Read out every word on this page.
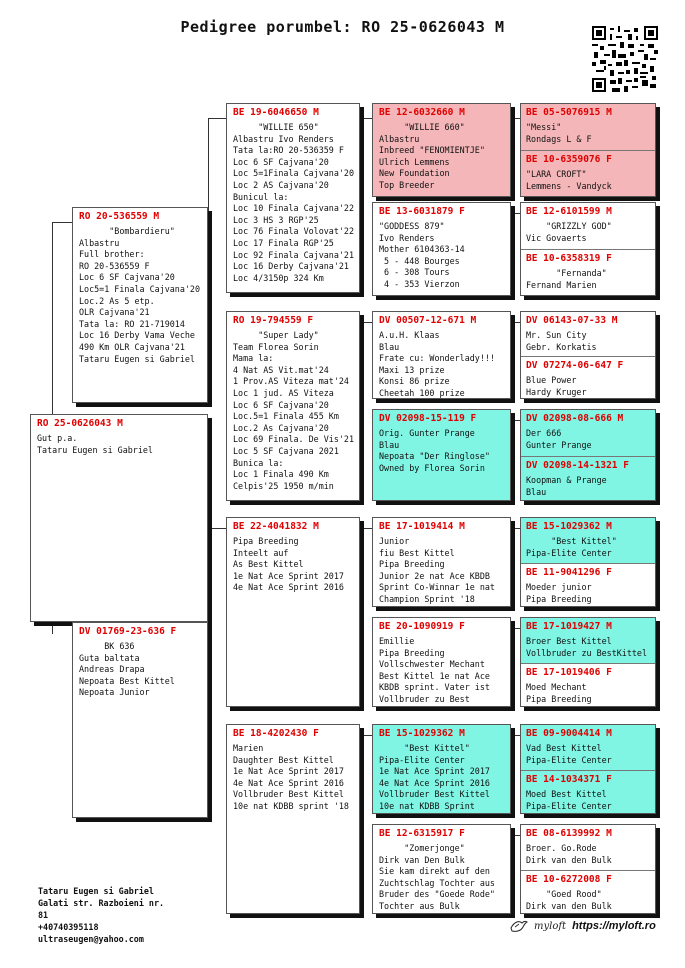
Pedigree porumbel: RO 25-0626043 M
RO 25-0626043 M
Gut p.a.
Tataru Eugen si Gabriel
RO 20-536559 M
"Bombardieru"
Albastru
Full brother:
RO 20-536559 F
Loc 6 SF Cajvana'20
Loc5=1 Finala Cajvana'20
Loc.2 As 5 etp.
OLR Cajvana'21
Tata la: RO 21-719014
Loc 16 Derby Vama Veche
490 Km OLR Cajvana'21
Tataru Eugen si Gabriel
DV 01769-23-636 F
BK 636
Guta baltata
Andreas Drapa
Nepoata Best Kittel
Nepoata Junior
BE 19-6046650 M
"WILLIE 650"
Albastru Ivo Renders
Tata la:RO 20-536359 F
Loc 6 SF Cajvana'20
Loc 5=1Finala Cajvana'20
Loc 2 AS Cajvana'20
Bunicul la:
Loc 10 Finala Cajvana'22
Loc 3 HS 3 RGP'25
Loc 76 Finala Volovat'22
Loc 17 Finala RGP'25
Loc 92 Finala Cajvana'21
Loc 16 Derby Cajvana'21
Loc 4/3150p 324 Km
RO 19-794559 F
"Super Lady"
Team Florea Sorin
Mama la:
4 Nat AS Vit.mat'24
1 Prov.AS Viteza mat'24
Loc 1 jud. AS Viteza
Loc 6 SF Cajvana'20
Loc.5=1 Finala 455 Km
Loc.2 As Cajvana'20
Loc 69 Finala. De Vis'21
Loc 5 SF Cajvana 2021
Bunica la:
Loc 1 Finala 490 Km
Celpis'25 1950 m/min
BE 22-4041832 M
Pipa Breeding
Inteelt auf
As Best Kittel
1e Nat Ace Sprint 2017
4e Nat Ace Sprint 2016
BE 18-4202430 F
Marien
Daughter Best Kittel
1e Nat Ace Sprint 2017
4e Nat Ace Sprint 2016
Vollbruder Best Kittel
10e nat KDBB sprint '18
BE 12-6032660 M
"WILLIE 660"
Albastru
Inbreed "FENOMIENTJE"
Ulrich Lemmens
New Foundation
Top Breeder
BE 13-6031879 F
"GODDESS 879"
Ivo Renders
Mother 6104363-14
5 - 448 Bourges
6 - 308 Tours
4 - 353 Vierzon
DV 00507-12-671 M
A.u.H. Klaas
Blau
Frate cu: Wonderlady!!!
Maxi 13 prize
Konsi 86 prize
Cheetah 100 prize
DV 02098-15-119 F
Orig. Gunter Prange
Blau
Nepoata "Der Ringlose"
Owned by Florea Sorin
BE 17-1019414 M
Junior
fiu Best Kittel
Pipa Breeding
Junior 2e nat Ace KBDB
Sprint Co-Winnar 1e nat
Champion Sprint '18
BE 20-1090919 F
Emillie
Pipa Breeding
Vollschwester Mechant
Best Kittel 1e nat Ace
KBDB sprint. Vater ist
Vollbruder zu Best
BE 15-1029362 M
"Best Kittel"
Pipa-Elite Center
1e Nat Ace Sprint 2017
4e Nat Ace Sprint 2016
Vollbruder Best Kittel
10e nat KDBB Sprint
BE 12-6315917 F
"Zomerjonge"
Dirk van Den Bulk
Sie kam direkt auf den
Zuchtschlag Tochter aus
Bruder des "Goede Rode"
Tochter aus Bulk
BE 05-5076915 M
"Messi"
Rondags L & F
BE 10-6359076 F
"LARA CROFT"
Lemmens - Vandyck
BE 12-6101599 M
"GRIZZLY GOD"
Vic Govaerts
BE 10-6358319 F
"Fernanda"
Fernand Marien
DV 06143-07-33 M
Mr. Sun City
Gebr. Korkatis
DV 07274-06-647 F
Blue Power
Hardy Kruger
DV 02098-08-666 M
Der 666
Gunter Prange
DV 02098-14-1321 F
Koopman & Prange
Blau
BE 15-1029362 M
"Best Kittel"
Pipa-Elite Center
BE 11-9041296 F
Moeder junior
Pipa Breeding
BE 17-1019427 M
Broer Best Kittel
Vollbruder zu BestKittel
BE 17-1019406 F
Moed Mechant
Pipa Breeding
BE 09-9004414 M
Vad Best Kittel
Pipa-Elite Center
BE 14-1034371 F
Moed Best Kittel
Pipa-Elite Center
BE 08-6139992 M
Broer. Go.Rode
Dirk van den Bulk
BE 10-6272008 F
"Goed Rood"
Dirk van den Bulk
Tataru Eugen si Gabriel
Galati str. Razboieni nr.
81
+40740395118
ultraseugen@yahoo.com
myloft https://myloft.ro
